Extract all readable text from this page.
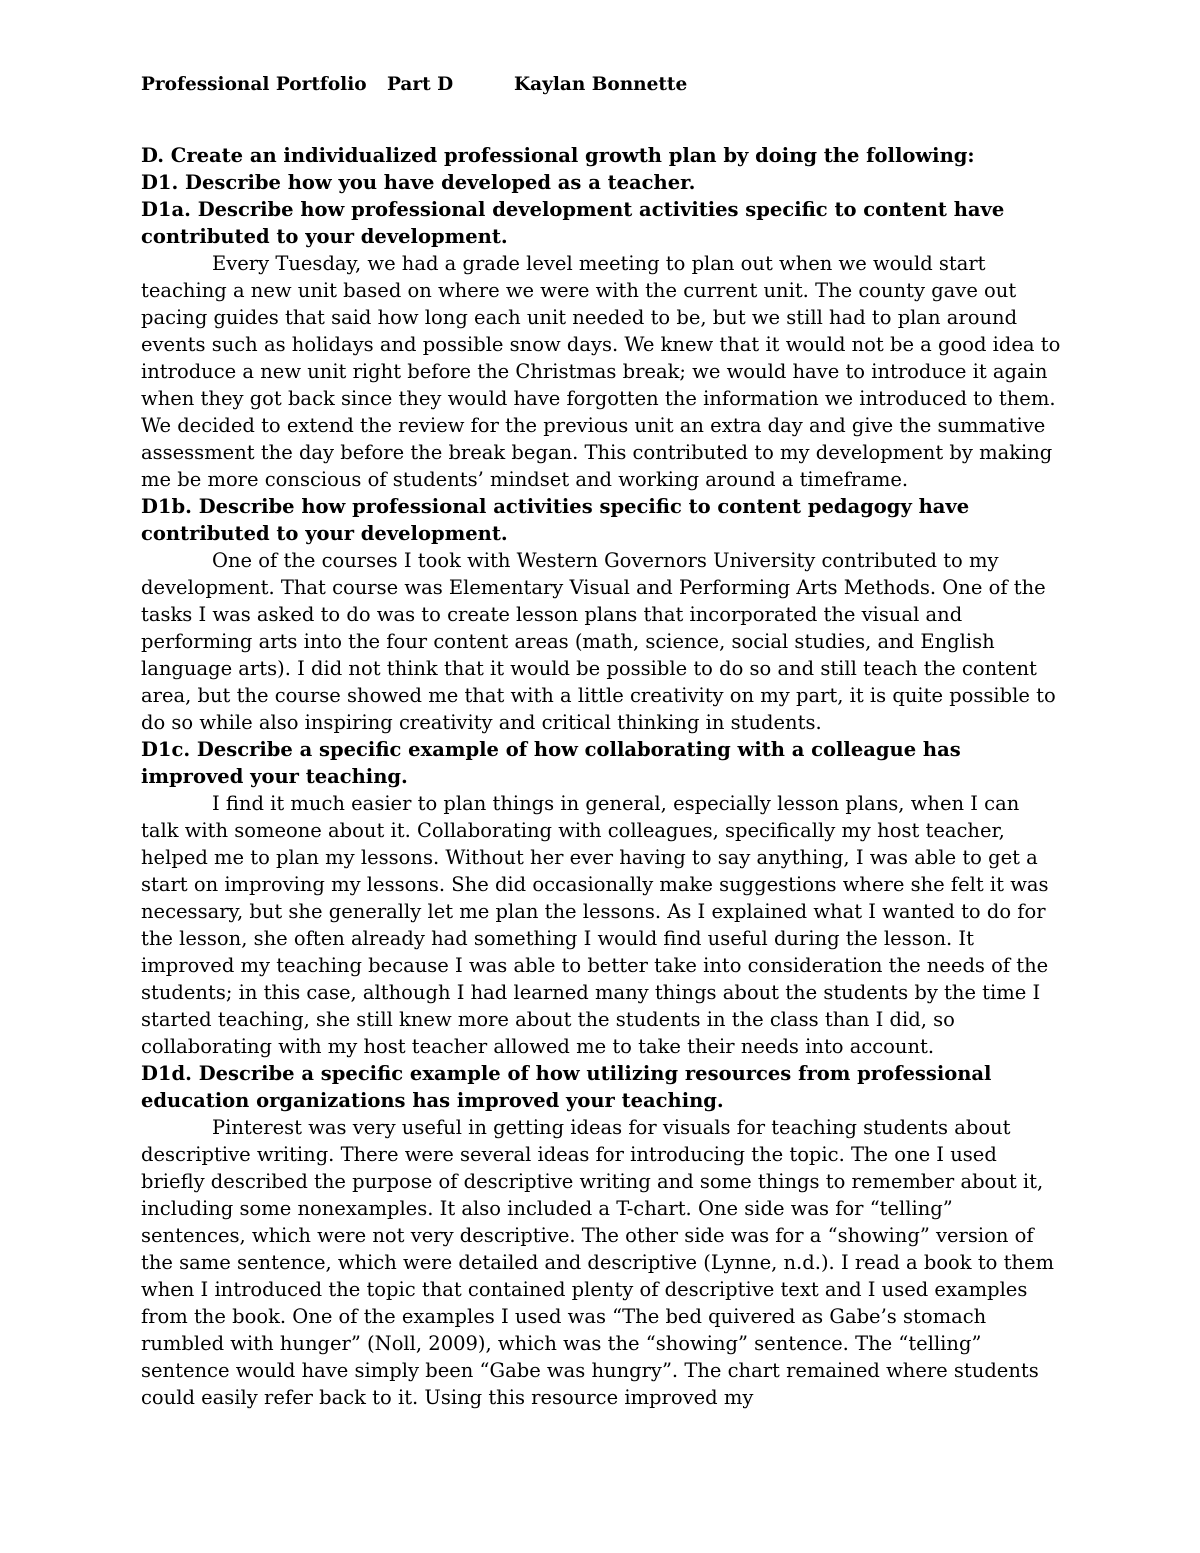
Professional Portfolio Part D	Kaylan Bonnette

D. Create an individualized professional growth plan by doing the following:

D1. Describe how you have developed as a teacher.

D1a. Describe how professional development activities specific to content have contributed to your development.

Every Tuesday, we had a grade level meeting to plan out when we would start teaching a new unit based on where we were with the current unit. The county gave out pacing guides that said how long each unit needed to be, but we still had to plan around events such as holidays and possible snow days. We knew that it would not be a good idea to introduce a new unit right before the Christmas break; we would have to introduce it again when they got back since they would have forgotten the information we introduced to them. We decided to extend the review for the previous unit an extra day and give the summative assessment the day before the break began. This contributed to my development by making me be more conscious of students’ mindset and working around a timeframe.

D1b. Describe how professional activities specific to content pedagogy have contributed to your development.

One of the courses I took with Western Governors University contributed to my development. That course was Elementary Visual and Performing Arts Methods. One of the tasks I was asked to do was to create lesson plans that incorporated the visual and performing arts into the four content areas (math, science, social studies, and English language arts). I did not think that it would be possible to do so and still teach the content area, but the course showed me that with a little creativity on my part, it is quite possible to do so while also inspiring creativity and critical thinking in students.

D1c. Describe a specific example of how collaborating with a colleague has improved your teaching.

I find it much easier to plan things in general, especially lesson plans, when I can talk with someone about it. Collaborating with colleagues, specifically my host teacher, helped me to plan my lessons. Without her ever having to say anything, I was able to get a start on improving my lessons. She did occasionally make suggestions where she felt it was necessary, but she generally let me plan the lessons. As I explained what I wanted to do for the lesson, she often already had something I would find useful during the lesson. It improved my teaching because I was able to better take into consideration the needs of the students; in this case, although I had learned many things about the students by the time I started teaching, she still knew more about the students in the class than I did, so collaborating with my host teacher allowed me to take their needs into account.

D1d. Describe a specific example of how utilizing resources from professional education organizations has improved your teaching.

Pinterest was very useful in getting ideas for visuals for teaching students about descriptive writing. There were several ideas for introducing the topic. The one I used briefly described the purpose of descriptive writing and some things to remember about it, including some nonexamples. It also included a T-chart. One side was for “telling” sentences, which were not very descriptive. The other side was for a “showing” version of the same sentence, which were detailed and descriptive (Lynne, n.d.). I read a book to them when I introduced the topic that contained plenty of descriptive text and I used examples from the book. One of the examples I used was “The bed quivered as Gabe’s stomach rumbled with hunger” (Noll, 2009), which was the “showing” sentence. The “telling” sentence would have simply been “Gabe was hungry”. The chart remained where students could easily refer back to it. Using this resource improved my
